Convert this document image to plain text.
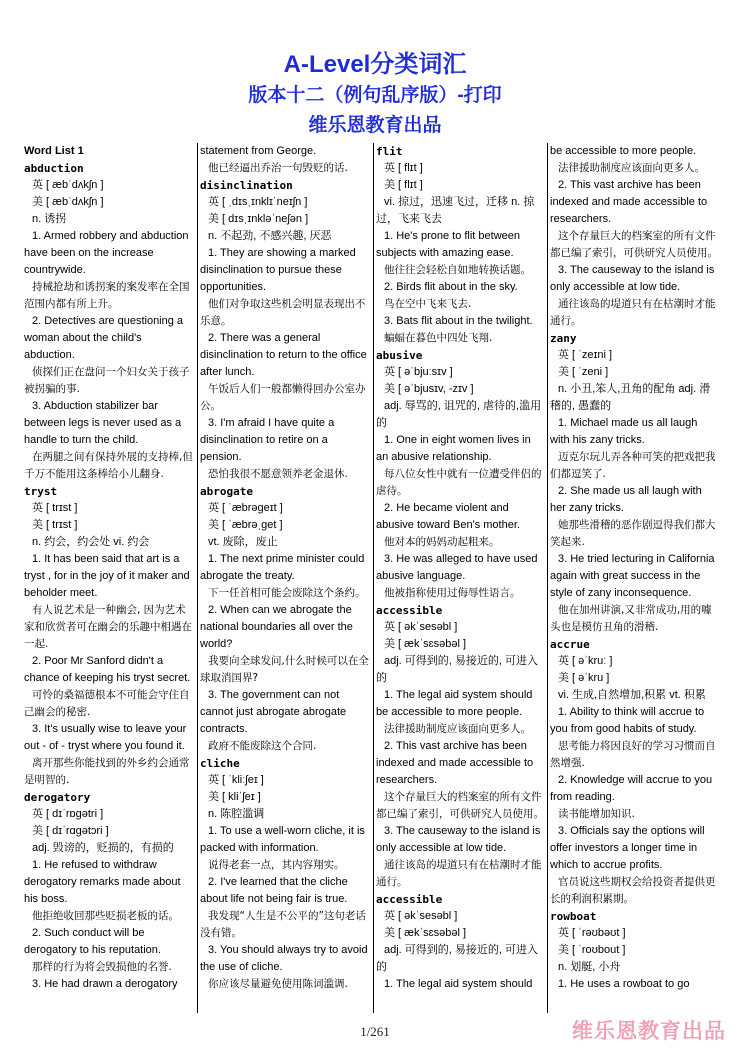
A-Level分类词汇
版本十二（例句乱序版）-打印
维乐恩教育出品

Word List 1

abduction

英 [ æbˈdʌkʃn ]

美 [ æbˈdʌkʃn ]

n. 诱拐

1. Armed robbery and abduction have been on the increase countrywide.

持械抢劫和诱拐案的案发率在全国范围内都有所上升。

2. Detectives are questioning a woman about the child's abduction.

侦探们正在盘问一个妇女关于孩子被拐骗的事.

3. Abduction stabilizer bar between legs is never used as a handle to turn the child.

在两腿之间有保持外展的支持棒,但千万不能用这条棒给小儿翻身.

tryst

英 [ trɪst ]

美 [ trɪst ]

n. 约会，约会处 vi. 约会

1. It has been said that art is a tryst , for in the joy of it maker and beholder meet.

有人说艺术是一种幽会, 因为艺术家和欣赏者可在幽会的乐趣中相遇在一起.

2. Poor Mr Sanford didn't a chance of keeping his tryst secret.

可怜的桑福德根本不可能会守住自己幽会的秘密.

3. It's usually wise to leave your out - of - tryst where you found it.

离开那些你能找到的外乡约会通常是明智的.

derogatory

英 [ dɪˈrɒɡətri ]

美 [ dɪˈrɑɡətɔri ]

adj. 毁谤的，贬损的，有损的

1. He refused to withdraw derogatory remarks made about his boss.

他拒绝收回那些贬损老板的话。

2. Such conduct will be derogatory to his reputation.

那样的行为将会毁损他的名誉.

3. He had drawn a derogatory

statement from George.

他已经逼出乔治一句毁贬的话.

disinclination

英 [ ˌdɪsˌɪnklɪˈneɪʃn ]

美 [ dɪsˌɪnkləˈneʃən ]

n. 不起劲, 不感兴趣, 厌恶

1. They are showing a marked disinclination to pursue these opportunities.

他们对争取这些机会明显表现出不乐意。

2. There was a general disinclination to return to the office after lunch.

午饭后人们一般都懒得回办公室办公。

3. I'm afraid I have quite a disinclination to retire on a pension.

恐怕我很不愿意领养老金退休.

abrogate

英 [ ˈæbrəɡeɪt ]

美 [ ˈæbrəˌɡet ]

vt. 废除，废止

1. The next prime minister could abrogate the treaty.

下一任首相可能会废除这个条约。

2. When can we abrogate the national boundaries all over the world?

我要向全球发问,什么时候可以在全球取消国界?

3. The government can not cannot just abrogate abrogate contracts.

政府不能废除这个合同.

cliche

英 [ ˈkliːʃeɪ ]

美 [ kliˈʃeɪ ]

n. 陈腔滥调

1. To use a well-worn cliche, it is packed with information.

说得老套一点，其内容翔实。

2. I've learned that the cliche about life not being fair is true.

我发现“人生是不公平的”这句老话没有错。

3. You should always try to avoid the use of cliche.

你应该尽量避免使用陈词滥调.

flit

英 [ flɪt ]

美 [ flɪt ]

vi. 掠过，迅速飞过，迁移 n. 掠过，飞来飞去

1. He's prone to flit between subjects with amazing ease.

他往往会轻松自如地转换话题。

2. Birds flit about in the sky.

鸟在空中飞来飞去.

3. Bats flit about in the twilight.

蝙蝠在暮色中四处飞翔.

abusive

英 [ əˈbjuːsɪv ]

美 [ əˈbjusɪv, -zɪv ]

adj. 辱骂的, 诅咒的, 虐待的,滥用的

1. One in eight women lives in an abusive relationship.

每八位女性中就有一位遭受伴侣的虐待。

2. He became violent and abusive toward Ben's mother.

他对本的妈妈动起粗来。

3. He was alleged to have used abusive language.

他被指称使用过侮辱性语言。

accessible

英 [ əkˈsesəbl ]

美 [ ækˈsɛsəbəl ]

adj. 可得到的, 易接近的, 可进入的

1. The legal aid system should be accessible to more people.

法律援助制度应该面向更多人。

2. This vast archive has been indexed and made accessible to researchers.

这个存量巨大的档案室的所有文件都已编了索引，可供研究人员使用。

3. The causeway to the island is only accessible at low tide.

通往该岛的堤道只有在枯潮时才能通行。

accessible

英 [ əkˈsesəbl ]

美 [ ækˈsɛsəbəl ]

adj. 可得到的, 易接近的, 可进入的

1. The legal aid system should

be accessible to more people.

法律援助制度应该面向更多人。

2. This vast archive has been indexed and made accessible to researchers.

这个存量巨大的档案室的所有文件都已编了索引，可供研究人员使用。

3. The causeway to the island is only accessible at low tide.

通往该岛的堤道只有在枯潮时才能通行。

zany

英 [ ˈzeɪni ]

美 [ ˈzeni ]

n. 小丑,笨人,丑角的配角 adj. 滑稽的, 愚蠢的

1. Michael made us all laugh with his zany tricks.

迈克尔玩儿弄各种可笑的把戏把我们都逗笑了.

2. She made us all laugh with her zany tricks.

她那些滑稽的恶作剧逗得我们都大笑起来.

3. He tried lecturing in California again with great success in the style of zany inconsequence.

他在加州讲演,又非常成功,用的噱头也是模仿丑角的滑稽.

accrue

英 [ əˈkruː ]

美 [ əˈkru ]

vi. 生成,自然增加,积累 vt. 积累

1. Ability to think will accrue to you from good habits of study.

思考能力将因良好的学习习惯而自然增强.

2. Knowledge will accrue to you from reading.

读书能增加知识.

3. Officials say the options will offer investors a longer time in which to accrue profits.

官员说这些期权会给投资者提供更长的利润积累期。

rowboat

英 [ ˈrəʊbəʊt ]

美 [ ˈroʊbout ]

n. 划艇, 小舟

1. He uses a rowboat to go

1/261	维乐恩教育出品
